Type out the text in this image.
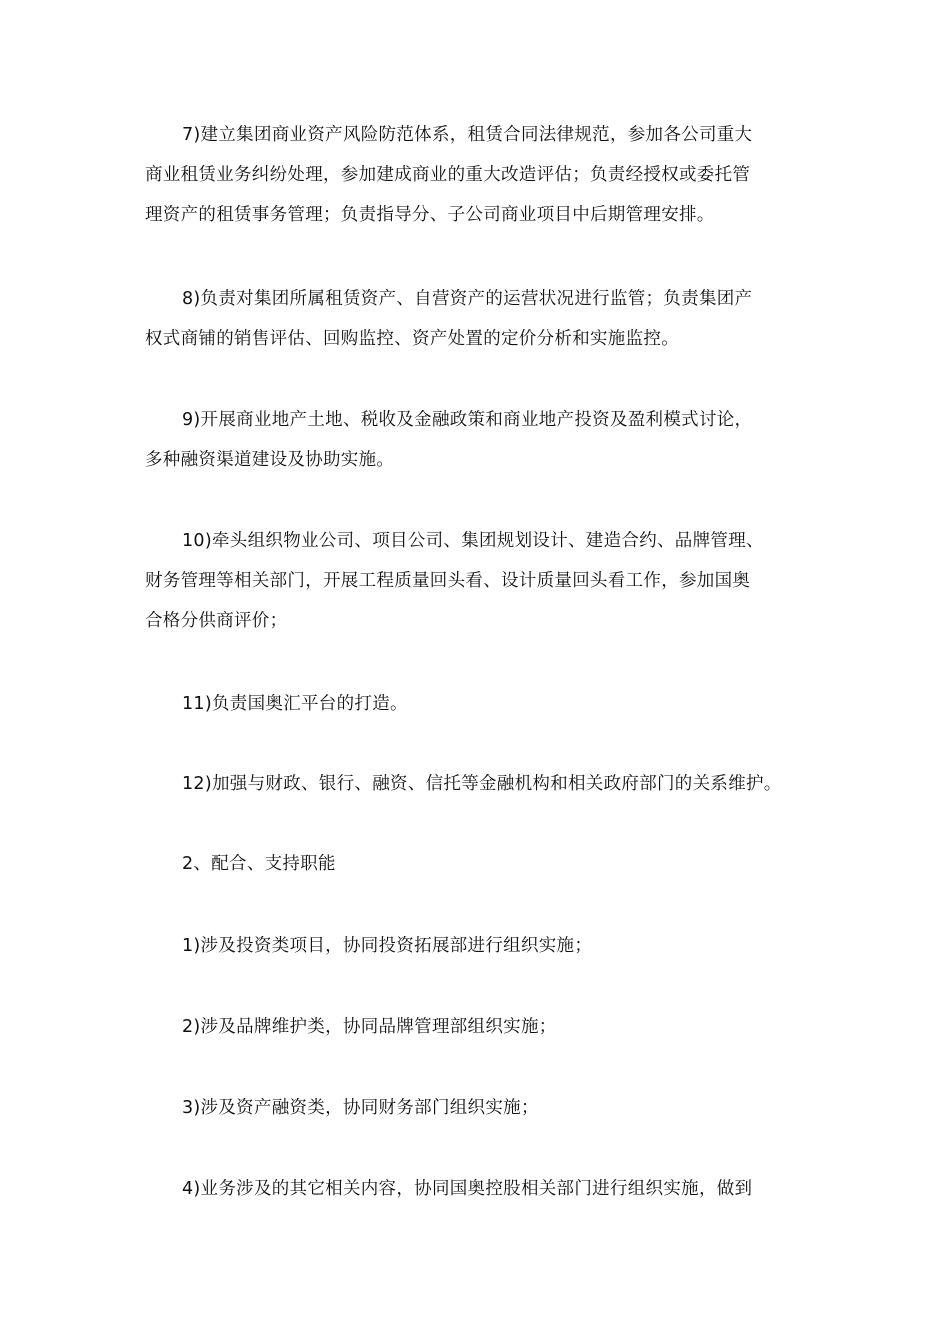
7)建立集团商业资产风险防范体系，租赁合同法律规范，参加各公司重大
商业租赁业务纠纷处理，参加建成商业的重大改造评估；负责经授权或委托管
理资产的租赁事务管理；负责指导分、子公司商业项目中后期管理安排。
8)负责对集团所属租赁资产、自营资产的运营状况进行监管；负责集团产
权式商铺的销售评估、回购监控、资产处置的定价分析和实施监控。
9)开展商业地产土地、税收及金融政策和商业地产投资及盈利模式讨论，
多种融资渠道建设及协助实施。
10)牵头组织物业公司、项目公司、集团规划设计、建造合约、品牌管理、
财务管理等相关部门，开展工程质量回头看、设计质量回头看工作，参加国奥
合格分供商评价；
11)负责国奥汇平台的打造。
12)加强与财政、银行、融资、信托等金融机构和相关政府部门的关系维护。
2、配合、支持职能
1)涉及投资类项目，协同投资拓展部进行组织实施；
2)涉及品牌维护类，协同品牌管理部组织实施；
3)涉及资产融资类，协同财务部门组织实施；
4)业务涉及的其它相关内容，协同国奥控股相关部门进行组织实施，做到
